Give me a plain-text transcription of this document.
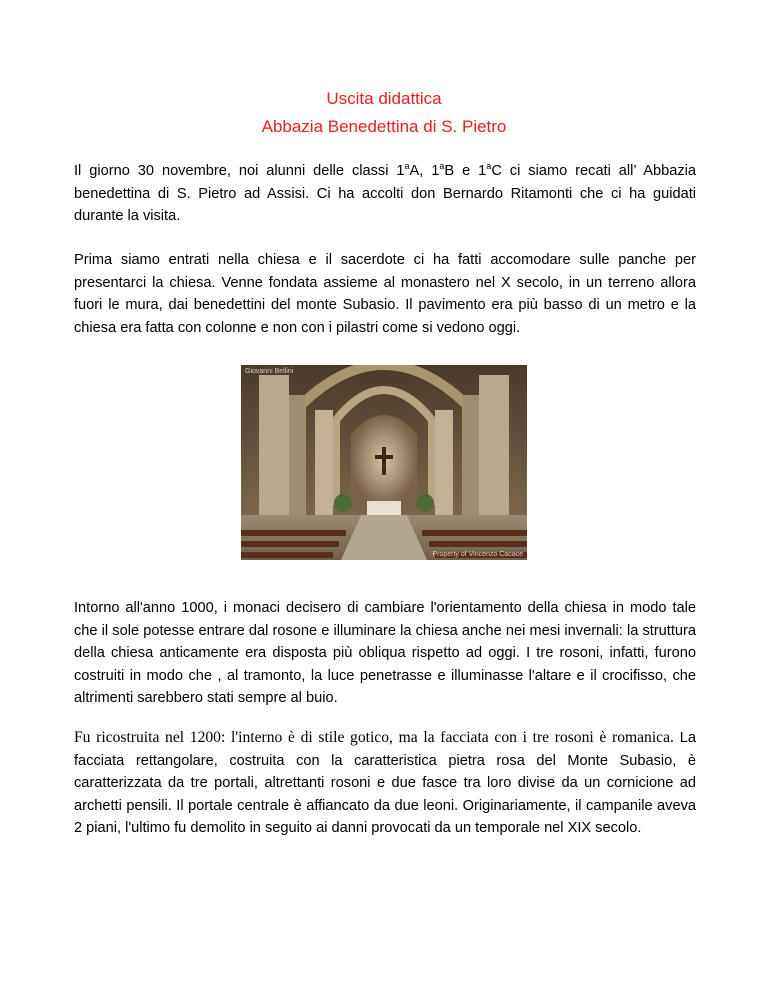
Uscita didattica
Abbazia Benedettina di S. Pietro

Il giorno 30 novembre, noi alunni delle classi 1$^a$A, 1$^a$B e 1$^a$C ci siamo recati all’ Abbazia benedettina di S. Pietro ad Assisi. Ci ha accolti don Bernardo Ritamonti che ci ha guidati durante la visita.

Prima siamo entrati nella chiesa e il sacerdote ci ha fatti accomodare sulle panche per presentarci la chiesa. Venne fondata assieme al monastero nel X secolo, in un terreno allora fuori le mura, dai benedettini del monte Subasio. Il pavimento era più basso di un metro e la chiesa era fatta con colonne e non con i pilastri come si vedono oggi.

Giovanni Bellini
Property of Vincenzo Cacace

Intorno all'anno 1000, i monaci decisero di cambiare l'orientamento della chiesa in modo tale che il sole potesse entrare dal rosone e illuminare la chiesa anche nei mesi invernali: la struttura della chiesa anticamente era disposta più obliqua rispetto ad oggi. I tre rosoni, infatti, furono costruiti in modo che , al tramonto, la luce penetrasse e illuminasse l'altare e il crocifisso, che altrimenti sarebbero stati sempre al buio.

Fu ricostruita nel 1200: l'interno è di stile gotico, ma la facciata con i tre rosoni è romanica. La facciata rettangolare, costruita con la caratteristica pietra rosa del Monte Subasio, è caratterizzata da tre portali, altrettanti rosoni e due fasce tra loro divise da un cornicione ad archetti pensili. Il portale centrale è affiancato da due leoni. Originariamente, il campanile aveva 2 piani, l'ultimo fu demolito in seguito ai danni provocati da un temporale nel XIX secolo.
